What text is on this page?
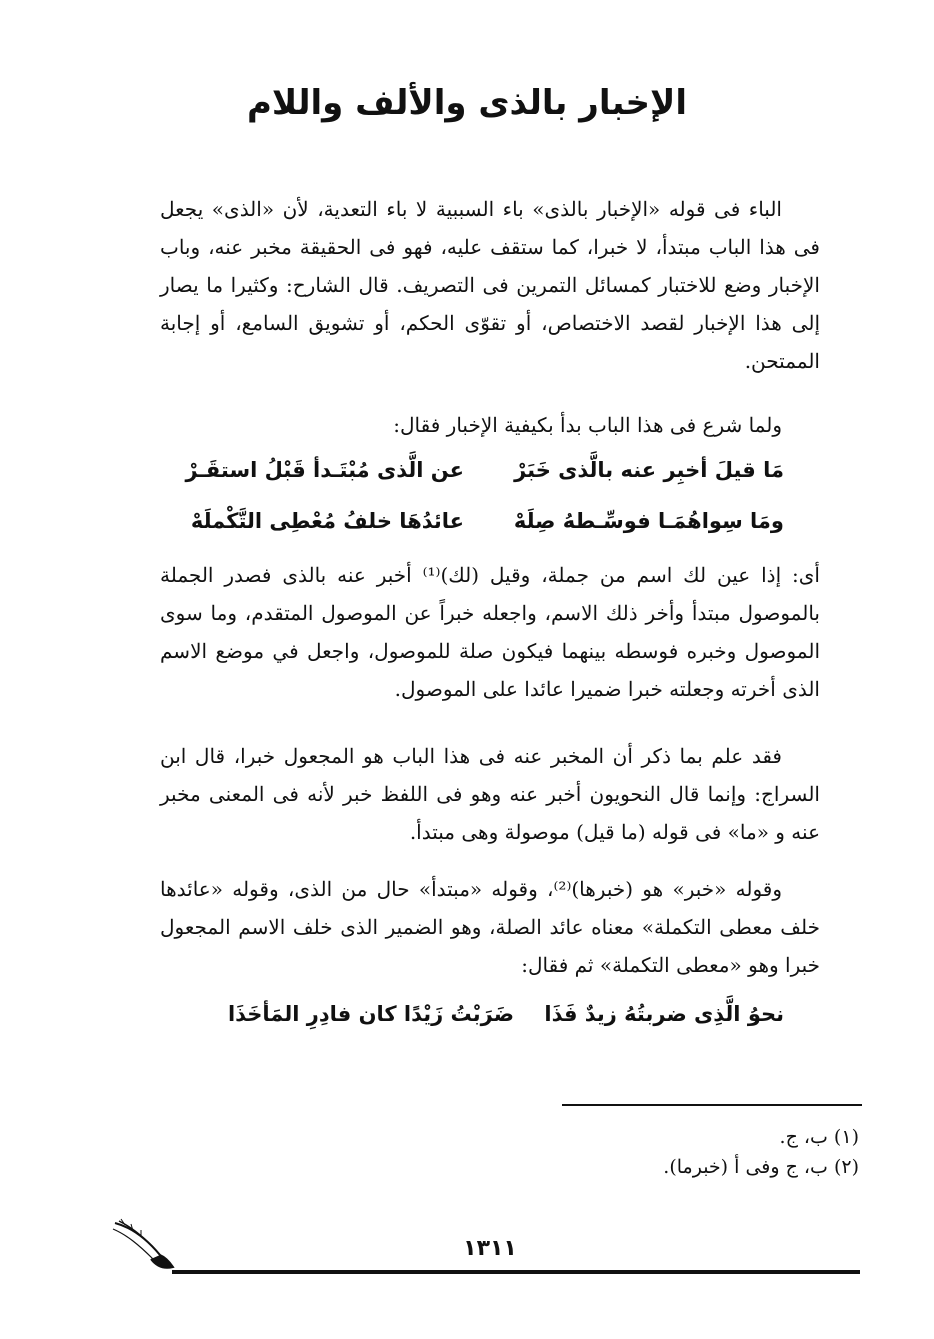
الإخبار بالذى والألف واللام

الباء فى قوله «الإخبار بالذى» باء السببية لا باء التعدية، لأن «الذى» يجعل فى هذا الباب مبتدأ، لا خبرا، كما ستقف عليه، فهو فى الحقيقة مخبر عنه، وباب الإخبار وضع للاختبار كمسائل التمرين فى التصريف. قال الشارح: وكثيرا ما يصار إلى هذا الإخبار لقصد الاختصاص، أو تقوّى الحكم، أو تشويق السامع، أو إجابة الممتحن.

ولما شرع فى هذا الباب بدأ بكيفية الإخبار فقال:

مَا قيلَ أخبِر عنه بالَّذى خَبَرْ
عن الَّذى مُبْتَـدأ قَبْلُ استقَـرْ
ومَا سِواهُمَـا فوسِّـطهُ صِلَهْ
عائدُهَا خلفُ مُعْطِى التَّكْملَهْ

أى: إذا عين لك اسم من جملة، وقيل (لك)⁽¹⁾ أخبر عنه بالذى فصدر الجملة بالموصول مبتدأ وأخر ذلك الاسم، واجعله خبراً عن الموصول المتقدم، وما سوى الموصول وخبره فوسطه بينهما فيكون صلة للموصول، واجعل في موضع الاسم الذى أخرته وجعلته خبرا ضميرا عائدا على الموصول.

فقد علم بما ذكر أن المخبر عنه فى هذا الباب هو المجعول خبرا، قال ابن السراج: وإنما قال النحويون أخبر عنه وهو فى اللفظ خبر لأنه فى المعنى مخبر عنه و «ما» فى قوله (ما قيل) موصولة وهى مبتدأ.

وقوله «خبر» هو (خبرها)⁽²⁾، وقوله «مبتدأ» حال من الذى، وقوله «عائدها خلف معطى التكملة» معناه عائد الصلة، وهو الضمير الذى خلف الاسم المجعول خبرا وهو «معطى التكملة» ثم فقال:

نحوُ الَّذِى ضربتُهُ زيدٌ فَذَا
ضَرَبْتُ زَيْدًا كان فادِرِ المَأخَذَا
(١) ب، ج.
(٢) ب، ج وفى أ (خبرما).
١٣١١
